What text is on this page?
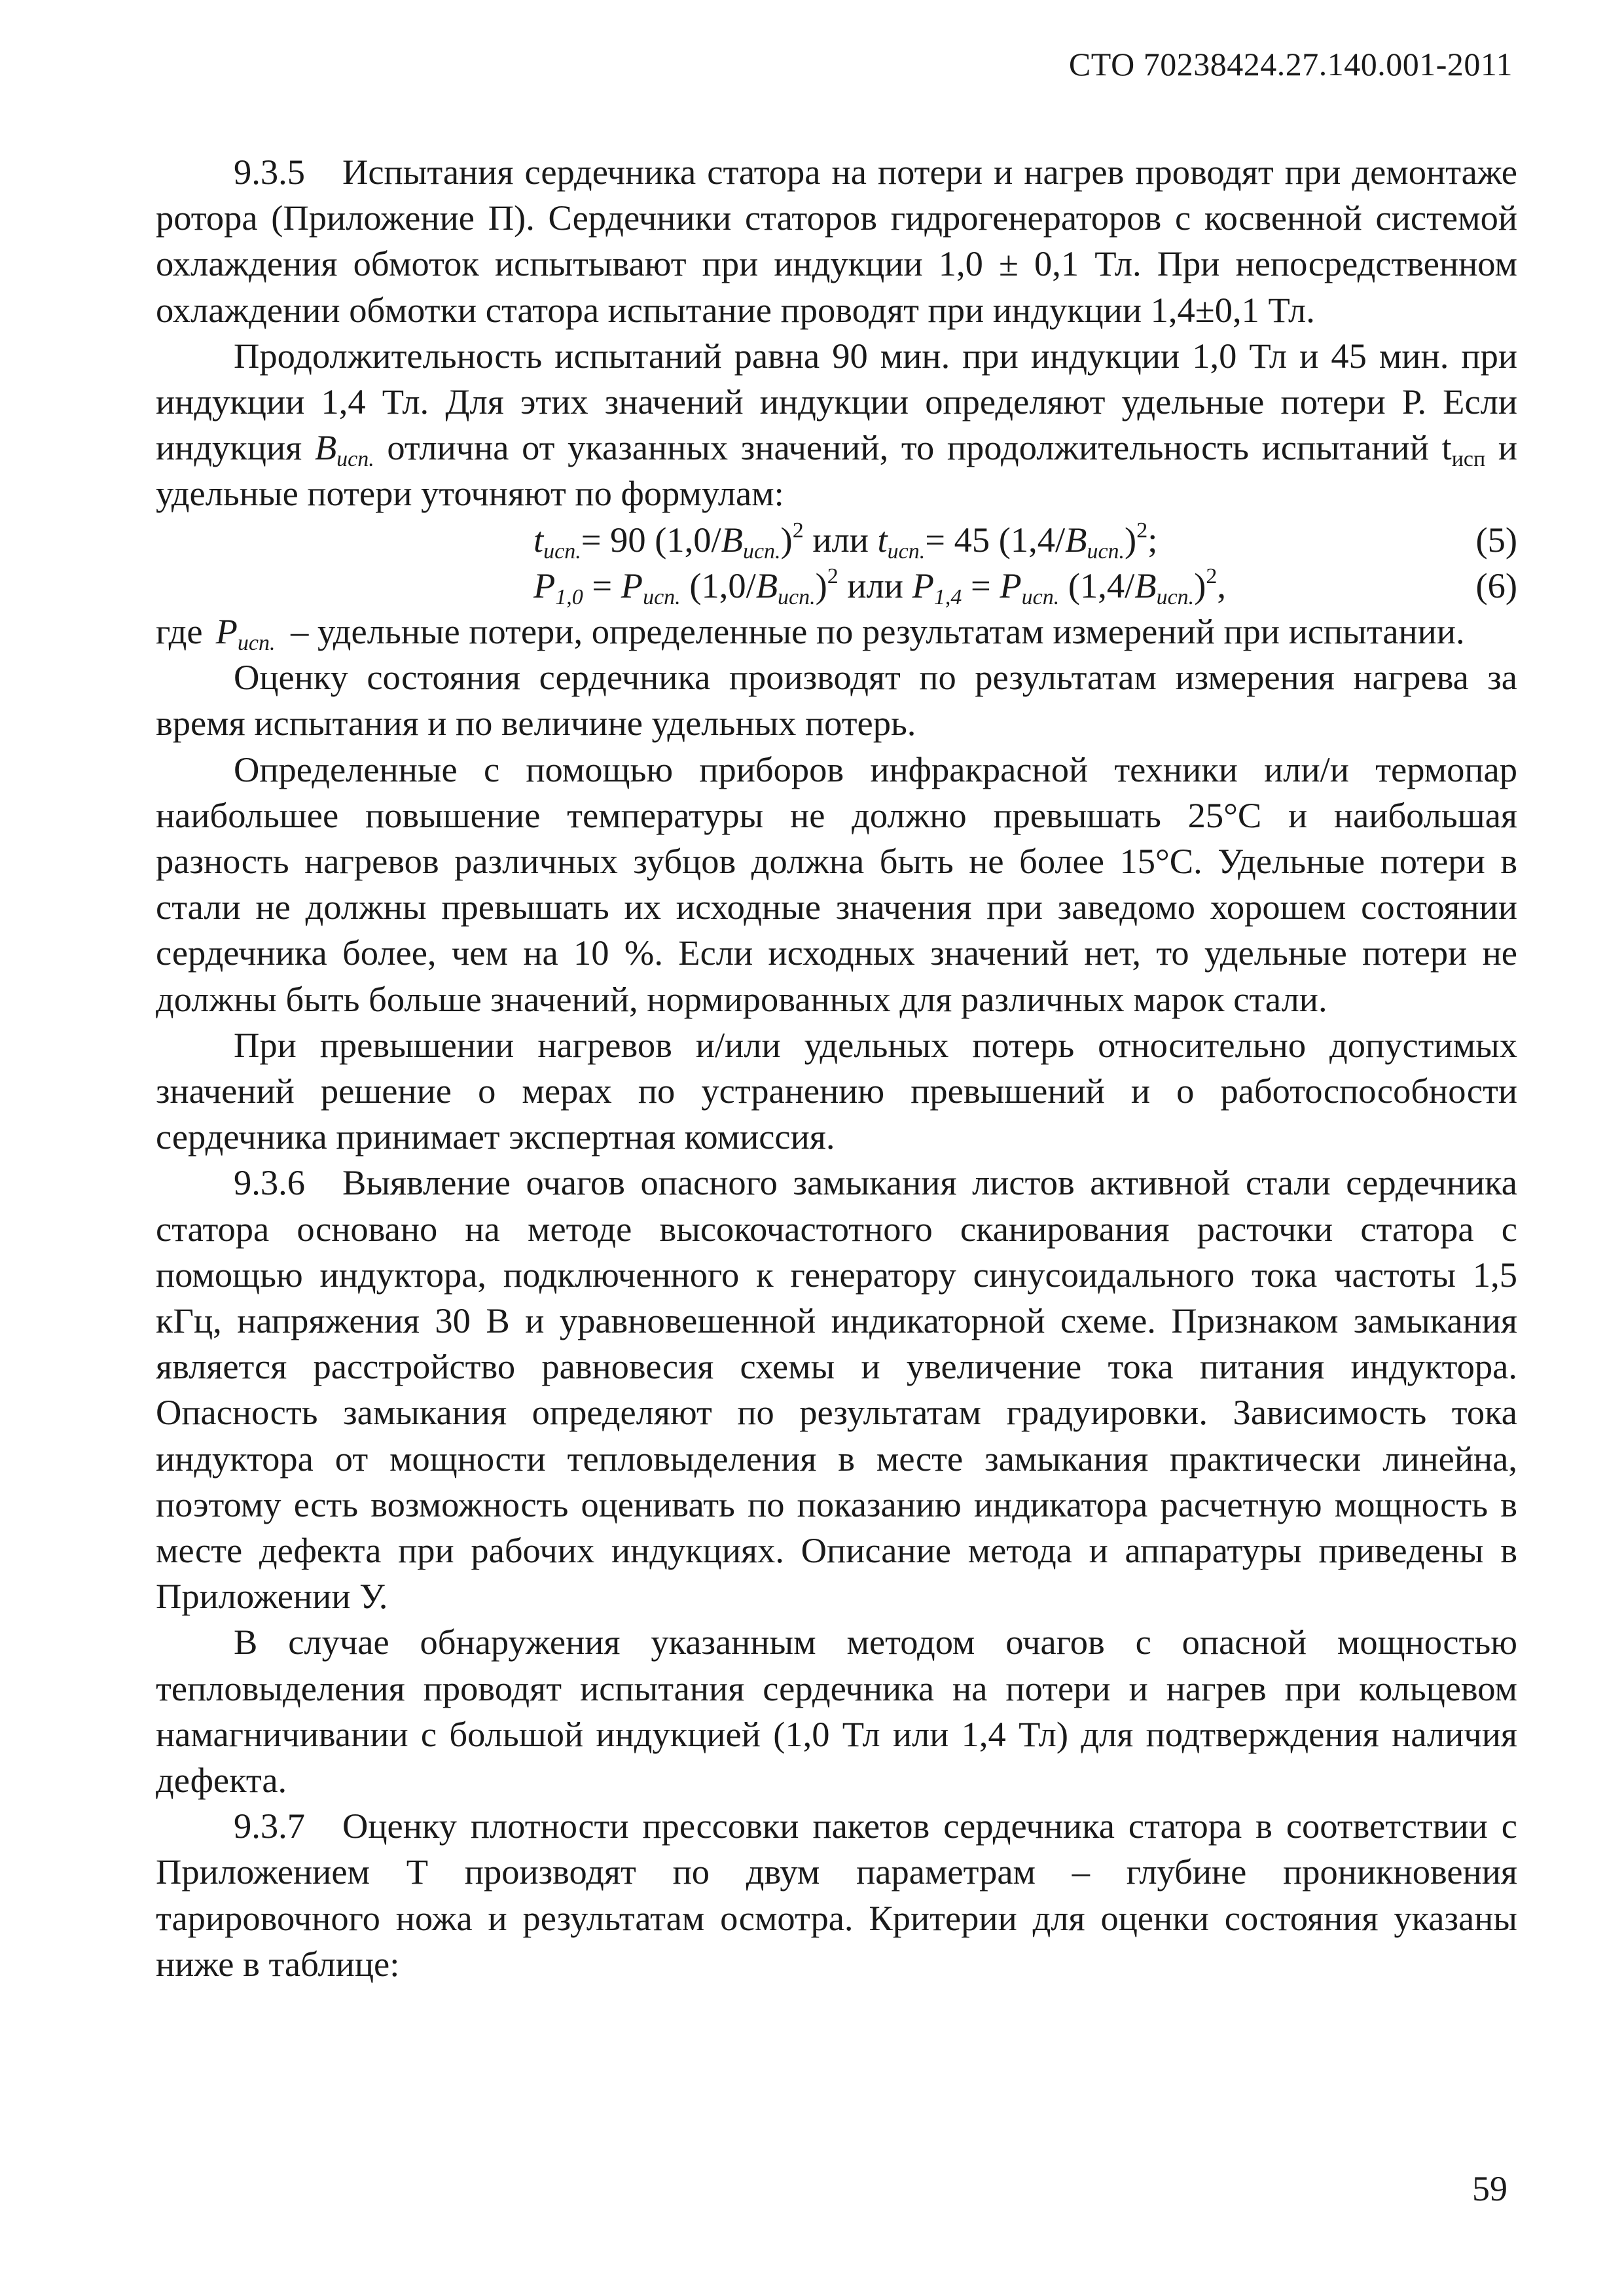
СТО 70238424.27.140.001-2011

9.3.5 Испытания сердечника статора на потери и нагрев проводят при демонтаже ротора (Приложение П). Сердечники статоров гидрогенераторов с косвенной системой охлаждения обмоток испытывают при индукции 1,0 ± 0,1 Тл. При непосредственном охлаждении обмотки статора испытание проводят при индукции 1,4±0,1 Тл.

Продолжительность испытаний равна 90 мин. при индукции 1,0 Тл и 45 мин. при индукции 1,4 Тл. Для этих значений индукции определяют удельные потери Р. Если индукция $B_{исп.}$ отлична от указанных значений, то продолжительность испытаний $t_{исп}$ и удельные потери уточняют по формулам:

$t_{исп.}= 90$ $(1,0/B_{исп.})^2$ или $t_{исп.}= 45$ $(1,4/B_{исп.})^2$;	(5)
$P_{1,0} = P_{исп.}$ $(1,0/B_{исп.})^2$ или $P_{1,4} = P_{исп.}$ $(1,4/B_{исп.})^2$,	(6)

где $P_{исп.}$ – удельные потери, определенные по результатам измерений при испытании.

Оценку состояния сердечника производят по результатам измерения нагрева за время испытания и по величине удельных потерь.

Определенные с помощью приборов инфракрасной техники или/и термопар наибольшее повышение температуры не должно превышать 25°С и наибольшая разность нагревов различных зубцов должна быть не более 15°С. Удельные потери в стали не должны превышать их исходные значения при заведомо хорошем состоянии сердечника более, чем на 10 %. Если исходных значений нет, то удельные потери не должны быть больше значений, нормированных для различных марок стали.

При превышении нагревов и/или удельных потерь относительно допустимых значений решение о мерах по устранению превышений и о работоспособности сердечника принимает экспертная комиссия.

9.3.6 Выявление очагов опасного замыкания листов активной стали сердечника статора основано на методе высокочастотного сканирования расточки статора с помощью индуктора, подключенного к генератору синусоидального тока частоты 1,5 кГц, напряжения 30 В и уравновешенной индикаторной схеме. Признаком замыкания является расстройство равновесия схемы и увеличение тока питания индуктора. Опасность замыкания определяют по результатам градуировки. Зависимость тока индуктора от мощности тепловыделения в месте замыкания практически линейна, поэтому есть возможность оценивать по показанию индикатора расчетную мощность в месте дефекта при рабочих индукциях. Описание метода и аппаратуры приведены в Приложении У.

В случае обнаружения указанным методом очагов с опасной мощностью тепловыделения проводят испытания сердечника на потери и нагрев при кольцевом намагничивании с большой индукцией (1,0 Тл или 1,4 Тл) для подтверждения наличия дефекта.

9.3.7 Оценку плотности прессовки пакетов сердечника статора в соответствии с Приложением Т производят по двум параметрам – глубине проникновения тарировочного ножа и результатам осмотра. Критерии для оценки состояния указаны ниже в таблице:

59
